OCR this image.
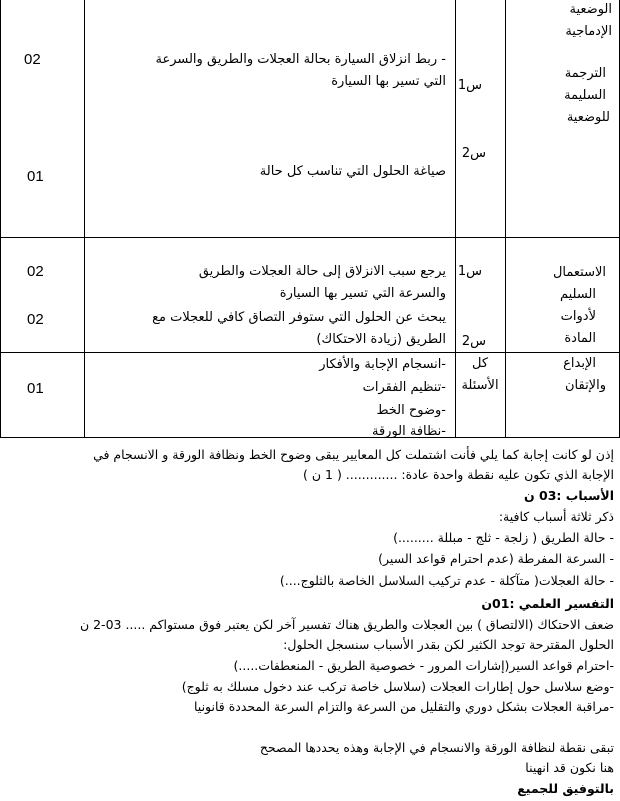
الوضعية
الإدماجية
الترجمة
السليمة
للوضعية
س1
س2
- ربط انزلاق السيارة بحالة العجلات والطريق والسرعة
التي تسير بها السيارة
صياغة الحلول التي تناسب كل حالة
02
01
الاستعمال
السليم
لأدوات
المادة
س1
س2
يرجع سبب الانزلاق إلى حالة العجلات والطريق
والسرعة التي تسير بها السيارة
يبحث عن الحلول التي ستوفر التصاق كافي للعجلات مع
الطريق (زيادة الاحتكاك)
02
02
الإبداع
والإتقان
كل
الأسئلة
-انسجام الإجابة والأفكار
-تنظيم الفقرات
-وضوح الخط
-نظافة الورقة
01
إذن لو كانت إجابة كما يلي فأنت اشتملت كل المعايير يبقى وضوح الخط ونظافة الورقة و الانسجام في
الإجابة الذي تكون عليه نقطة واحدة عادة: ............. ( 1 ن )
الأسباب :03 ن
ذكر ثلاثة أسباب كافية:
- حالة الطريق ( زلجة - ثلج - مبللة .........)
- السرعة المفرطة (عدم احترام قواعد السير)
- حالة العجلات( متآكلة - عدم تركيب السلاسل الخاصة بالثلوج....)
التفسير العلمي :01ن
ضعف الاحتكاك (الالتصاق ) بين العجلات والطريق هناك تفسير آخر لكن يعتبر فوق مستواكم ..... 03-2 ن
الحلول المقترحة توجد الكثير لكن بقدر الأسباب سنسجل الحلول:
-احترام قواعد السير(إشارات المرور - خصوصية الطريق - المنعطفات.....)
-وضع سلاسل حول إطارات العجلات (سلاسل خاصة تركب عند دخول مسلك به ثلوج)
-مراقبة العجلات بشكل دوري والتقليل من السرعة والتزام السرعة المحددة قانونيا
تبقى نقطة لنظافة الورقة والانسجام في الإجابة وهذه يحددها المصحح
هنا نكون قد انهينا
بالتوفيق للجميع
